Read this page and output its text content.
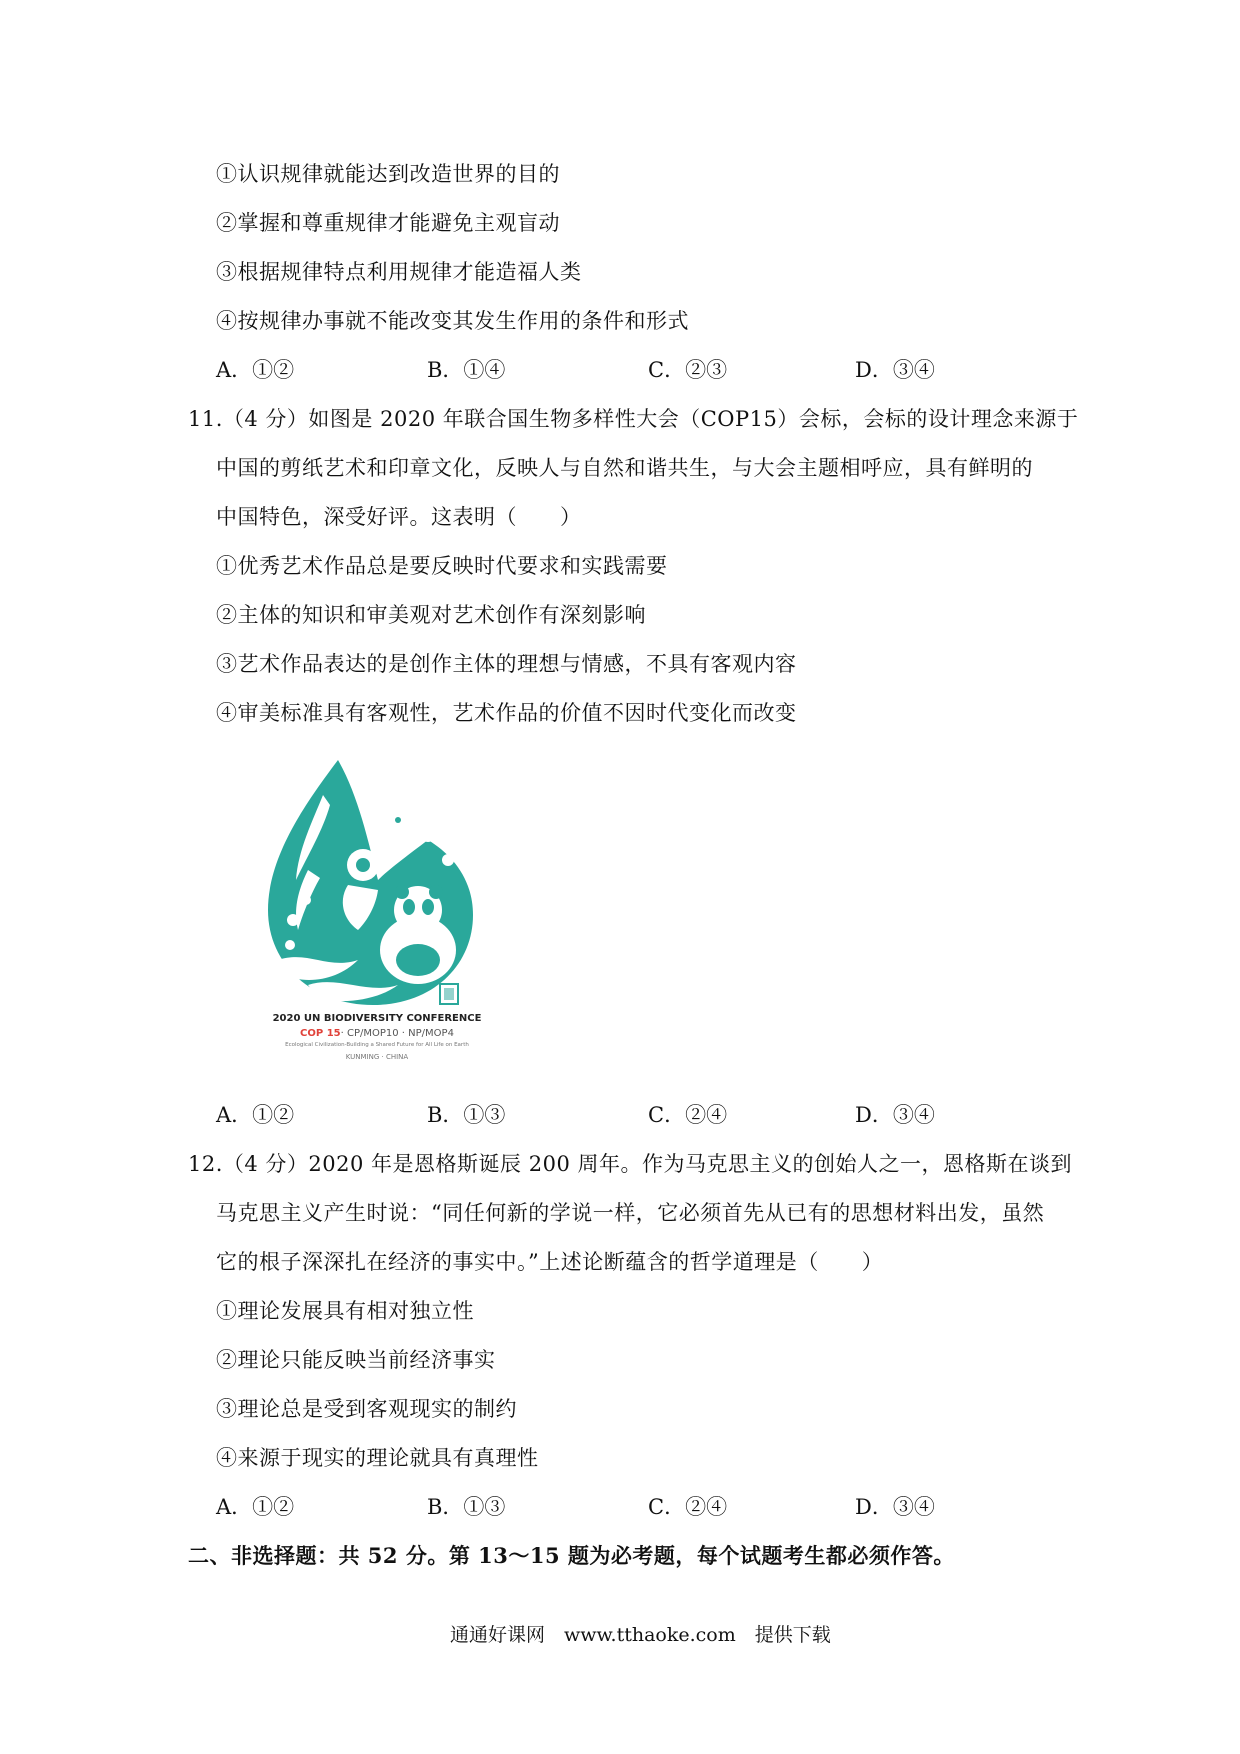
①认识规律就能达到改造世界的目的
②掌握和尊重规律才能避免主观盲动
③根据规律特点利用规律才能造福人类
④按规律办事就不能改变其发生作用的条件和形式
A．①②	B．①④	C．②③	D．③④
11.（4 分）如图是 2020 年联合国生物多样性大会（COP15）会标，会标的设计理念来源于
中国的剪纸艺术和印章文化，反映人与自然和谐共生，与大会主题相呼应，具有鲜明的
中国特色，深受好评。这表明（　　）
①优秀艺术作品总是要反映时代要求和实践需要
②主体的知识和审美观对艺术创作有深刻影响
③艺术作品表达的是创作主体的理想与情感，不具有客观内容
④审美标准具有客观性，艺术作品的价值不因时代变化而改变
2020 UN BIODIVERSITY CONFERENCE
COP 15· CP/MOP10 · NP/MOP4
Ecological Civilization-Building a Shared Future for All Life on Earth
KUNMING · CHINA
A．①②	B．①③	C．②④	D．③④
12.（4 分）2020 年是恩格斯诞辰 200 周年。作为马克思主义的创始人之一，恩格斯在谈到
马克思主义产生时说：“同任何新的学说一样，它必须首先从已有的思想材料出发，虽然
它的根子深深扎在经济的事实中。”上述论断蕴含的哲学道理是（　　）
①理论发展具有相对独立性
②理论只能反映当前经济事实
③理论总是受到客观现实的制约
④来源于现实的理论就具有真理性
A．①②	B．①③	C．②④	D．③④
二、非选择题：共 52 分。第 13～15 题为必考题，每个试题考生都必须作答。
通通好课网　www.tthaoke.com　提供下载
